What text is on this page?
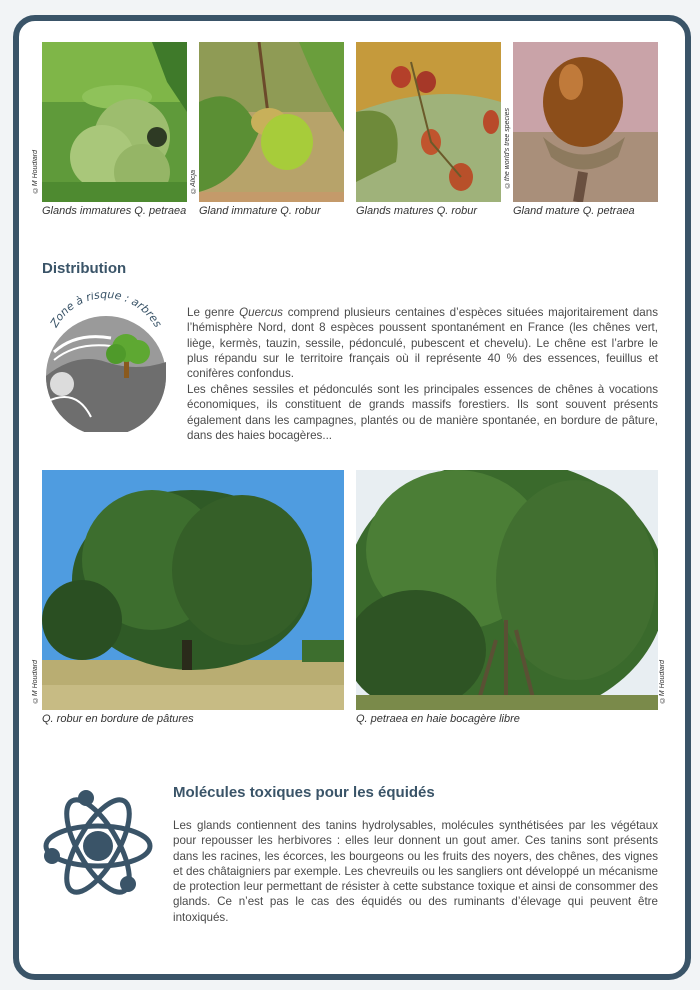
©M Houdiard	©Alicja	©the world's tree species
Glands immatures Q. petraea Gland immature Q. robur	Glands matures Q. robur	Gland mature Q. petraea
Distribution
Zone à risque : arbres

Le genre Quercus comprend plusieurs centaines d’espèces situées majoritairement dans l’hémisphère Nord, dont 8 espèces poussent spontanément en France (les chênes vert, liège, kermès, tauzin, sessile, pédonculé, pubescent et chevelu). Le chêne est l’arbre le plus répandu sur le territoire français où il représente 40 % des essences, feuillus et conifères confondus.

Les chênes sessiles et pédonculés sont les principales essences de chênes à vocations économiques, ils constituent de grands massifs forestiers. Ils sont souvent présents également dans les campagnes, plantés ou de manière spontanée, en bordure de pâture, dans des haies bocagères...

©M Houdiard	©M Houdiard
Q. robur en bordure de pâtures	Q. petraea en haie bocagère libre
Molécules toxiques pour les équidés

Les glands contiennent des tanins hydrolysables, molécules synthétisées par les végétaux pour repousser les herbivores : elles leur donnent un gout amer. Ces tanins sont présents dans les racines, les écorces, les bourgeons ou les fruits des noyers, des chênes, des vignes et des châtaigniers par exemple. Les chevreuils ou les sangliers ont développé un mécanisme de protection leur permettant de résister à cette substance toxique et ainsi de consommer des glands. Ce n’est pas le cas des équidés ou des ruminants d’élevage qui peuvent être intoxiqués.
